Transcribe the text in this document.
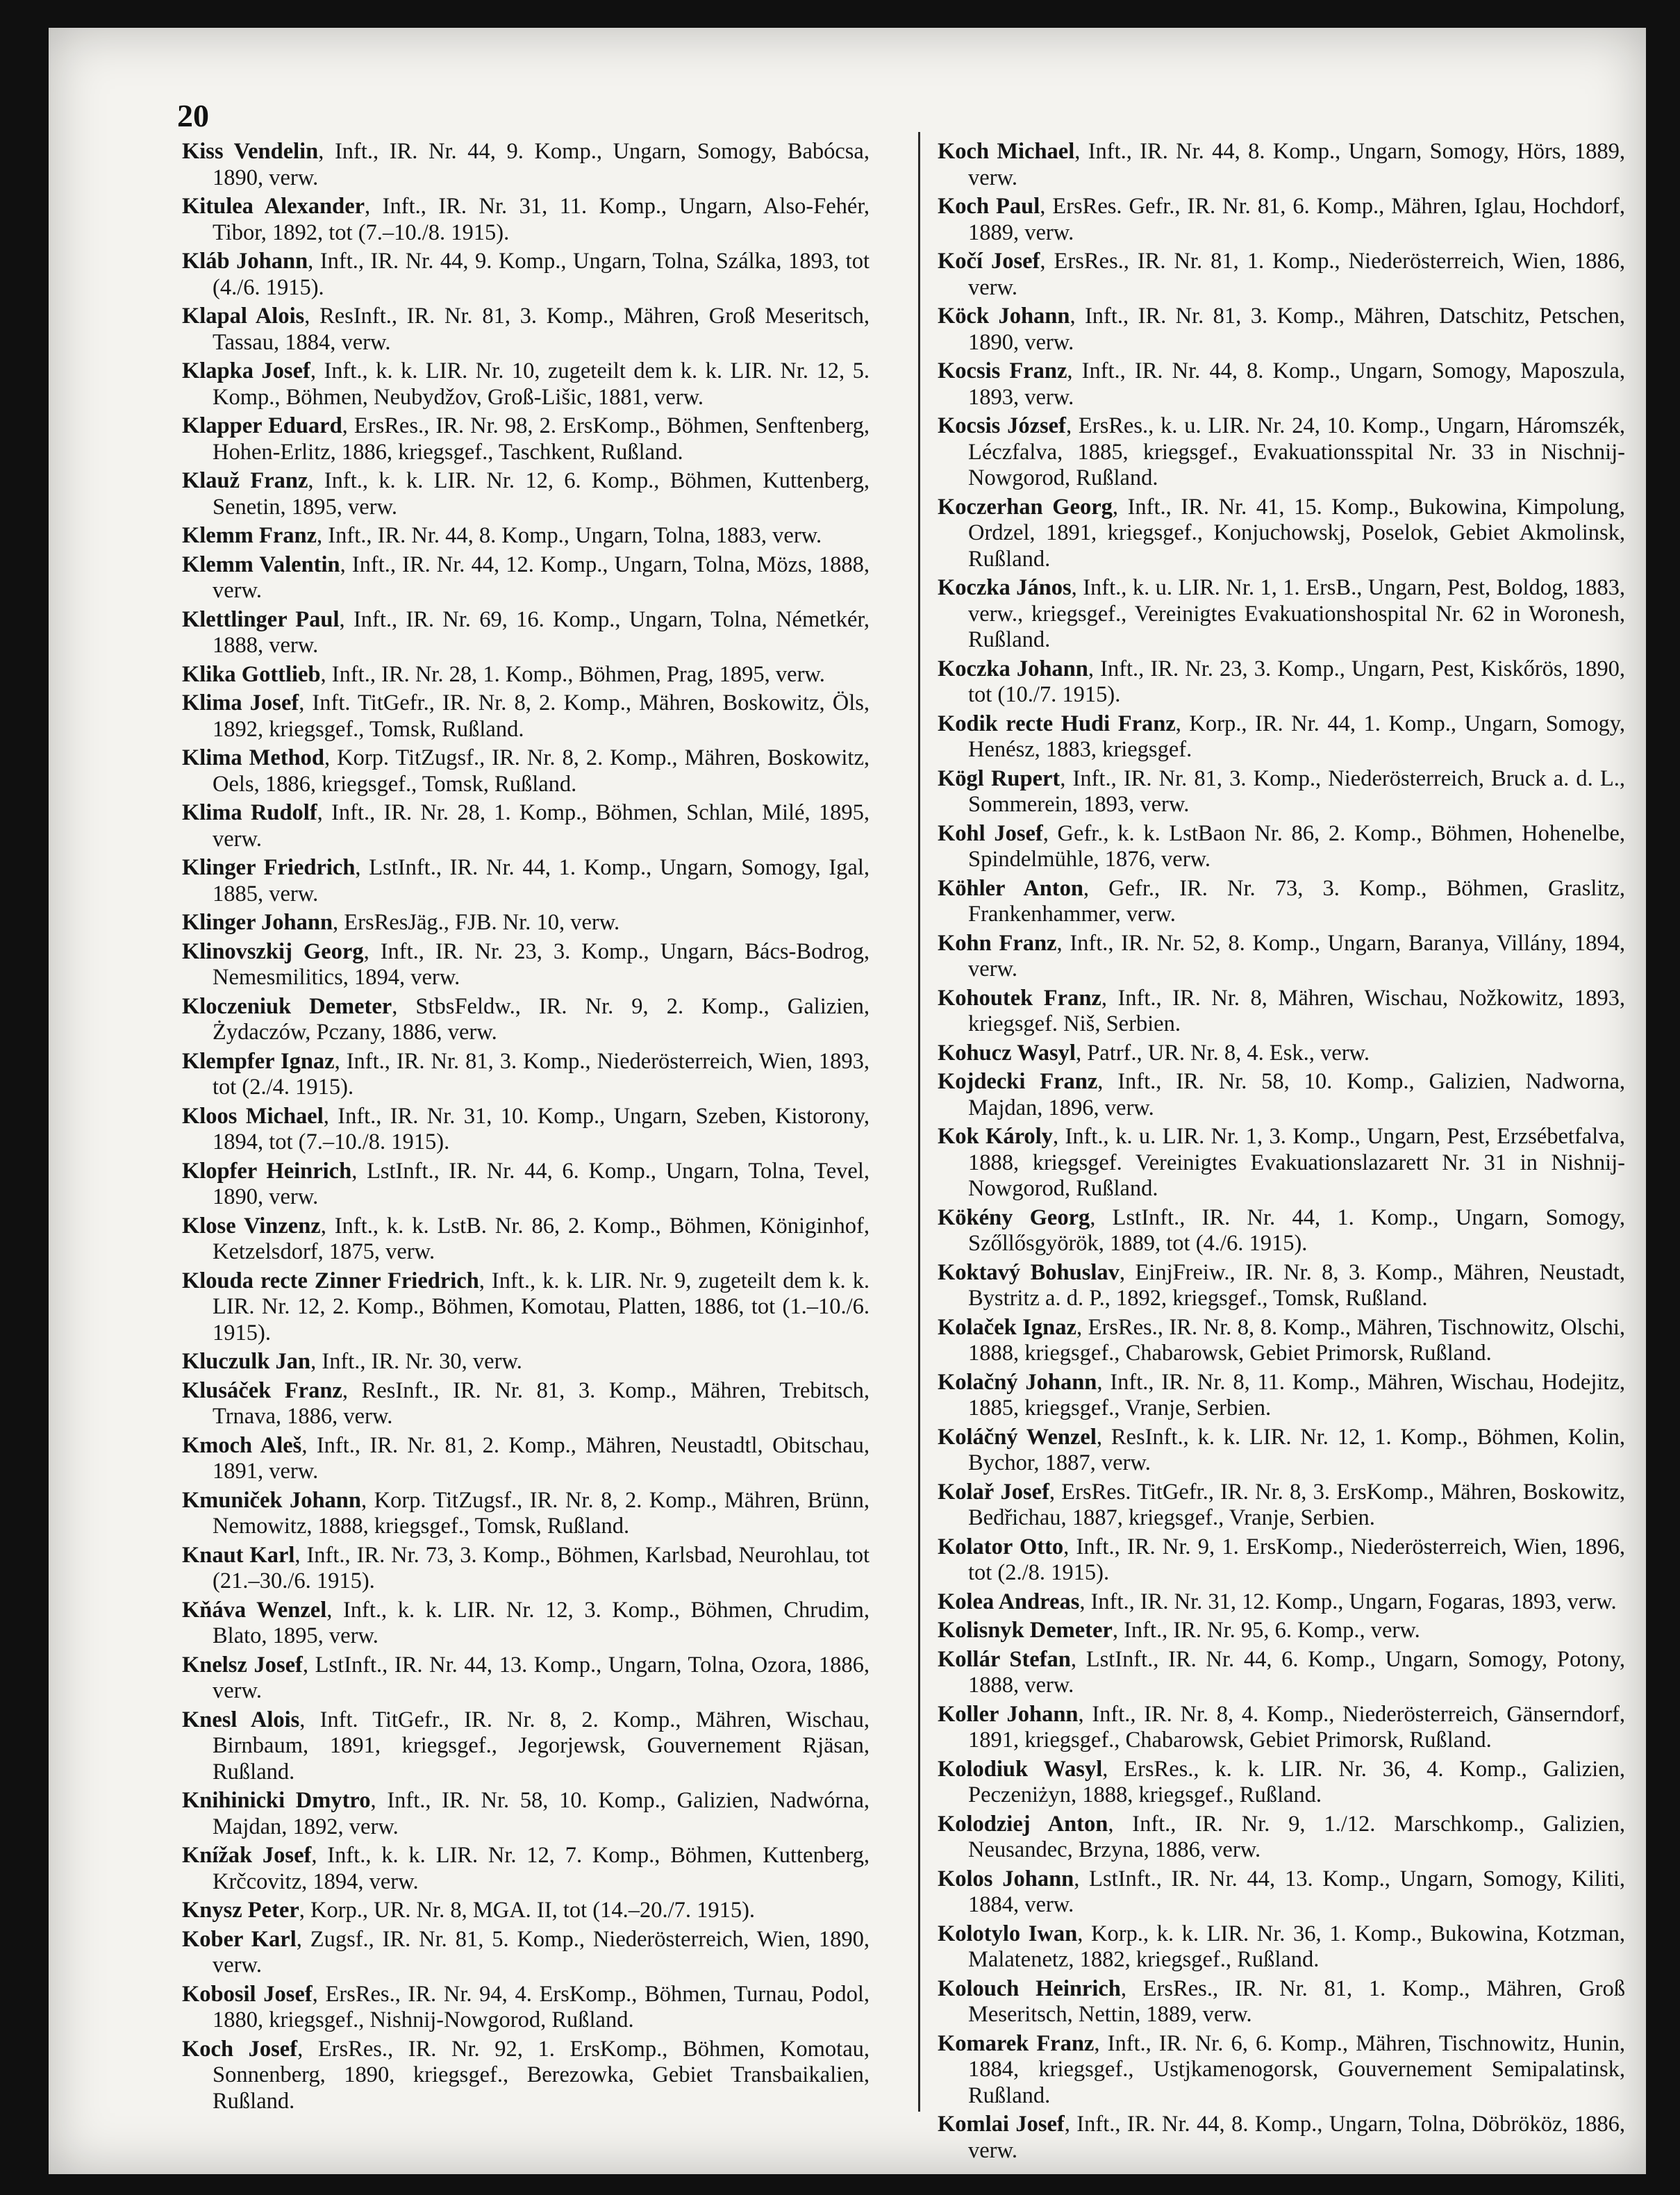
20

Kiss Vendelin, Inft., IR. Nr. 44, 9. Komp., Ungarn, Somogy, Babócsa, 1890, verw.

Kitulea Alexander, Inft., IR. Nr. 31, 11. Komp., Ungarn, Also-Fehér, Tibor, 1892, tot (7.–10./8. 1915).

Kláb Johann, Inft., IR. Nr. 44, 9. Komp., Ungarn, Tolna, Szálka, 1893, tot (4./6. 1915).

Klapal Alois, ResInft., IR. Nr. 81, 3. Komp., Mähren, Groß Meseritsch, Tassau, 1884, verw.

Klapka Josef, Inft., k. k. LIR. Nr. 10, zugeteilt dem k. k. LIR. Nr. 12, 5. Komp., Böhmen, Neubydžov, Groß-Lišic, 1881, verw.

Klapper Eduard, ErsRes., IR. Nr. 98, 2. ErsKomp., Böhmen, Senftenberg, Hohen-Erlitz, 1886, kriegsgef., Taschkent, Rußland.

Klauž Franz, Inft., k. k. LIR. Nr. 12, 6. Komp., Böhmen, Kuttenberg, Senetin, 1895, verw.

Klemm Franz, Inft., IR. Nr. 44, 8. Komp., Ungarn, Tolna, 1883, verw.

Klemm Valentin, Inft., IR. Nr. 44, 12. Komp., Ungarn, Tolna, Mözs, 1888, verw.

Klettlinger Paul, Inft., IR. Nr. 69, 16. Komp., Ungarn, Tolna, Németkér, 1888, verw.

Klika Gottlieb, Inft., IR. Nr. 28, 1. Komp., Böhmen, Prag, 1895, verw.

Klima Josef, Inft. TitGefr., IR. Nr. 8, 2. Komp., Mähren, Boskowitz, Öls, 1892, kriegsgef., Tomsk, Rußland.

Klima Method, Korp. TitZugsf., IR. Nr. 8, 2. Komp., Mähren, Boskowitz, Oels, 1886, kriegsgef., Tomsk, Rußland.

Klima Rudolf, Inft., IR. Nr. 28, 1. Komp., Böhmen, Schlan, Milé, 1895, verw.

Klinger Friedrich, LstInft., IR. Nr. 44, 1. Komp., Ungarn, Somogy, Igal, 1885, verw.

Klinger Johann, ErsResJäg., FJB. Nr. 10, verw.

Klinovszkij Georg, Inft., IR. Nr. 23, 3. Komp., Ungarn, Bács-Bodrog, Nemesmilitics, 1894, verw.

Kloczeniuk Demeter, StbsFeldw., IR. Nr. 9, 2. Komp., Galizien, Żydaczów, Pczany, 1886, verw.

Klempfer Ignaz, Inft., IR. Nr. 81, 3. Komp., Niederösterreich, Wien, 1893, tot (2./4. 1915).

Kloos Michael, Inft., IR. Nr. 31, 10. Komp., Ungarn, Szeben, Kistorony, 1894, tot (7.–10./8. 1915).

Klopfer Heinrich, LstInft., IR. Nr. 44, 6. Komp., Ungarn, Tolna, Tevel, 1890, verw.

Klose Vinzenz, Inft., k. k. LstB. Nr. 86, 2. Komp., Böhmen, Königinhof, Ketzelsdorf, 1875, verw.

Klouda recte Zinner Friedrich, Inft., k. k. LIR. Nr. 9, zugeteilt dem k. k. LIR. Nr. 12, 2. Komp., Böhmen, Komotau, Platten, 1886, tot (1.–10./6. 1915).

Kluczulk Jan, Inft., IR. Nr. 30, verw.

Klusáček Franz, ResInft., IR. Nr. 81, 3. Komp., Mähren, Trebitsch, Trnava, 1886, verw.

Kmoch Aleš, Inft., IR. Nr. 81, 2. Komp., Mähren, Neustadtl, Obitschau, 1891, verw.

Kmuniček Johann, Korp. TitZugsf., IR. Nr. 8, 2. Komp., Mähren, Brünn, Nemowitz, 1888, kriegsgef., Tomsk, Rußland.

Knaut Karl, Inft., IR. Nr. 73, 3. Komp., Böhmen, Karlsbad, Neurohlau, tot (21.–30./6. 1915).

Kňáva Wenzel, Inft., k. k. LIR. Nr. 12, 3. Komp., Böhmen, Chrudim, Blato, 1895, verw.

Knelsz Josef, LstInft., IR. Nr. 44, 13. Komp., Ungarn, Tolna, Ozora, 1886, verw.

Knesl Alois, Inft. TitGefr., IR. Nr. 8, 2. Komp., Mähren, Wischau, Birnbaum, 1891, kriegsgef., Jegorjewsk, Gouvernement Rjäsan, Rußland.

Knihinicki Dmytro, Inft., IR. Nr. 58, 10. Komp., Galizien, Nadwórna, Majdan, 1892, verw.

Knížak Josef, Inft., k. k. LIR. Nr. 12, 7. Komp., Böhmen, Kuttenberg, Krčcovitz, 1894, verw.

Knysz Peter, Korp., UR. Nr. 8, MGA. II, tot (14.–20./7. 1915).

Kober Karl, Zugsf., IR. Nr. 81, 5. Komp., Niederösterreich, Wien, 1890, verw.

Kobosil Josef, ErsRes., IR. Nr. 94, 4. ErsKomp., Böhmen, Turnau, Podol, 1880, kriegsgef., Nishnij-Nowgorod, Rußland.

Koch Josef, ErsRes., IR. Nr. 92, 1. ErsKomp., Böhmen, Komotau, Sonnenberg, 1890, kriegsgef., Berezowka, Gebiet Transbaikalien, Rußland.

Koch Michael, Inft., IR. Nr. 44, 8. Komp., Ungarn, Somogy, Hörs, 1889, verw.

Koch Paul, ErsRes. Gefr., IR. Nr. 81, 6. Komp., Mähren, Iglau, Hochdorf, 1889, verw.

Kočí Josef, ErsRes., IR. Nr. 81, 1. Komp., Niederösterreich, Wien, 1886, verw.

Köck Johann, Inft., IR. Nr. 81, 3. Komp., Mähren, Datschitz, Petschen, 1890, verw.

Kocsis Franz, Inft., IR. Nr. 44, 8. Komp., Ungarn, Somogy, Maposzula, 1893, verw.

Kocsis József, ErsRes., k. u. LIR. Nr. 24, 10. Komp., Ungarn, Háromszék, Léczfalva, 1885, kriegsgef., Evakuationsspital Nr. 33 in Nischnij-Nowgorod, Rußland.

Koczerhan Georg, Inft., IR. Nr. 41, 15. Komp., Bukowina, Kimpolung, Ordzel, 1891, kriegsgef., Konjuchowskj, Poselok, Gebiet Akmolinsk, Rußland.

Koczka János, Inft., k. u. LIR. Nr. 1, 1. ErsB., Ungarn, Pest, Boldog, 1883, verw., kriegsgef., Vereinigtes Evakuationshospital Nr. 62 in Woronesh, Rußland.

Koczka Johann, Inft., IR. Nr. 23, 3. Komp., Ungarn, Pest, Kiskőrös, 1890, tot (10./7. 1915).

Kodik recte Hudi Franz, Korp., IR. Nr. 44, 1. Komp., Ungarn, Somogy, Henész, 1883, kriegsgef.

Kögl Rupert, Inft., IR. Nr. 81, 3. Komp., Niederösterreich, Bruck a. d. L., Sommerein, 1893, verw.

Kohl Josef, Gefr., k. k. LstBaon Nr. 86, 2. Komp., Böhmen, Hohenelbe, Spindelmühle, 1876, verw.

Köhler Anton, Gefr., IR. Nr. 73, 3. Komp., Böhmen, Graslitz, Frankenhammer, verw.

Kohn Franz, Inft., IR. Nr. 52, 8. Komp., Ungarn, Baranya, Villány, 1894, verw.

Kohoutek Franz, Inft., IR. Nr. 8, Mähren, Wischau, Nožkowitz, 1893, kriegsgef. Niš, Serbien.

Kohucz Wasyl, Patrf., UR. Nr. 8, 4. Esk., verw.

Kojdecki Franz, Inft., IR. Nr. 58, 10. Komp., Galizien, Nadworna, Majdan, 1896, verw.

Kok Károly, Inft., k. u. LIR. Nr. 1, 3. Komp., Ungarn, Pest, Erzsébetfalva, 1888, kriegsgef. Vereinigtes Evakuationslazarett Nr. 31 in Nishnij-Nowgorod, Rußland.

Kökény Georg, LstInft., IR. Nr. 44, 1. Komp., Ungarn, Somogy, Szőllősgyörök, 1889, tot (4./6. 1915).

Koktavý Bohuslav, EinjFreiw., IR. Nr. 8, 3. Komp., Mähren, Neustadt, Bystritz a. d. P., 1892, kriegsgef., Tomsk, Rußland.

Kolaček Ignaz, ErsRes., IR. Nr. 8, 8. Komp., Mähren, Tischnowitz, Olschi, 1888, kriegsgef., Chabarowsk, Gebiet Primorsk, Rußland.

Kolačný Johann, Inft., IR. Nr. 8, 11. Komp., Mähren, Wischau, Hodejitz, 1885, kriegsgef., Vranje, Serbien.

Koláčný Wenzel, ResInft., k. k. LIR. Nr. 12, 1. Komp., Böhmen, Kolin, Bychor, 1887, verw.

Kolař Josef, ErsRes. TitGefr., IR. Nr. 8, 3. ErsKomp., Mähren, Boskowitz, Bedřichau, 1887, kriegsgef., Vranje, Serbien.

Kolator Otto, Inft., IR. Nr. 9, 1. ErsKomp., Niederösterreich, Wien, 1896, tot (2./8. 1915).

Kolea Andreas, Inft., IR. Nr. 31, 12. Komp., Ungarn, Fogaras, 1893, verw.

Kolisnyk Demeter, Inft., IR. Nr. 95, 6. Komp., verw.

Kollár Stefan, LstInft., IR. Nr. 44, 6. Komp., Ungarn, Somogy, Potony, 1888, verw.

Koller Johann, Inft., IR. Nr. 8, 4. Komp., Niederösterreich, Gänserndorf, 1891, kriegsgef., Chabarowsk, Gebiet Primorsk, Rußland.

Kolodiuk Wasyl, ErsRes., k. k. LIR. Nr. 36, 4. Komp., Galizien, Peczeniżyn, 1888, kriegsgef., Rußland.

Kolodziej Anton, Inft., IR. Nr. 9, 1./12. Marschkomp., Galizien, Neusandec, Brzyna, 1886, verw.

Kolos Johann, LstInft., IR. Nr. 44, 13. Komp., Ungarn, Somogy, Kiliti, 1884, verw.

Kolotylo Iwan, Korp., k. k. LIR. Nr. 36, 1. Komp., Bukowina, Kotzman, Malatenetz, 1882, kriegsgef., Rußland.

Kolouch Heinrich, ErsRes., IR. Nr. 81, 1. Komp., Mähren, Groß Meseritsch, Nettin, 1889, verw.

Komarek Franz, Inft., IR. Nr. 6, 6. Komp., Mähren, Tischnowitz, Hunin, 1884, kriegsgef., Ustjkamenogorsk, Gouvernement Semipalatinsk, Rußland.

Komlai Josef, Inft., IR. Nr. 44, 8. Komp., Ungarn, Tolna, Döbrököz, 1886, verw.
